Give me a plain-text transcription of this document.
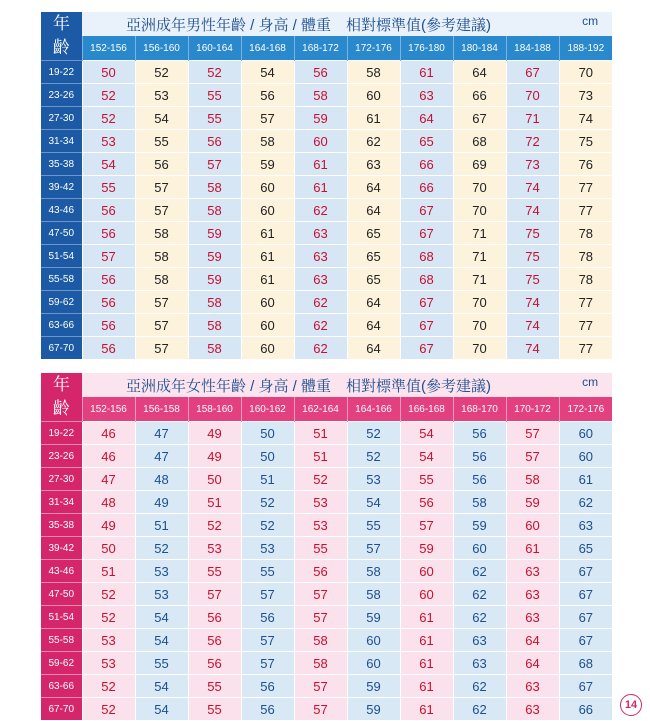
年	亞洲成年男性年齡 / 身高 / 體重　相對標準值(參考建議) cm									

齡	152-156	156-160	160-164	164-168	168-172	172-176	176-180	180-184	184-188	188-192
19-22	50	52	52	54	56	58	61	64	67	70
23-26	52	53	55	56	58	60	63	66	70	73
27-30	52	54	55	57	59	61	64	67	71	74
31-34	53	55	56	58	60	62	65	68	72	75
35-38	54	56	57	59	61	63	66	69	73	76
39-42	55	57	58	60	61	64	66	70	74	77
43-46	56	57	58	60	62	64	67	70	74	77
47-50	56	58	59	61	63	65	67	71	75	78
51-54	57	58	59	61	63	65	68	71	75	78
55-58	56	58	59	61	63	65	68	71	75	78
59-62	56	57	58	60	62	64	67	70	74	77
63-66	56	57	58	60	62	64	67	70	74	77
67-70	56	57	58	60	62	64	67	70	74	77
年	亞洲成年女性年齡 / 身高 / 體重　相對標準值(參考建議) cm									

齡	152-156	156-158	158-160	160-162	162-164	164-166	166-168	168-170	170-172	172-176
19-22	46	47	49	50	51	52	54	56	57	60
23-26	46	47	49	50	51	52	54	56	57	60
27-30	47	48	50	51	52	53	55	56	58	61
31-34	48	49	51	52	53	54	56	58	59	62
35-38	49	51	52	52	53	55	57	59	60	63
39-42	50	52	53	53	55	57	59	60	61	65
43-46	51	53	55	55	56	58	60	62	63	67
47-50	52	53	57	57	57	58	60	62	63	67
51-54	52	54	56	56	57	59	61	62	63	67
55-58	53	54	56	57	58	60	61	63	64	67
59-62	53	55	56	57	58	60	61	63	64	68
63-66	52	54	55	56	57	59	61	62	63	67
67-70	52	54	55	56	57	59	61	62	63	66	14
